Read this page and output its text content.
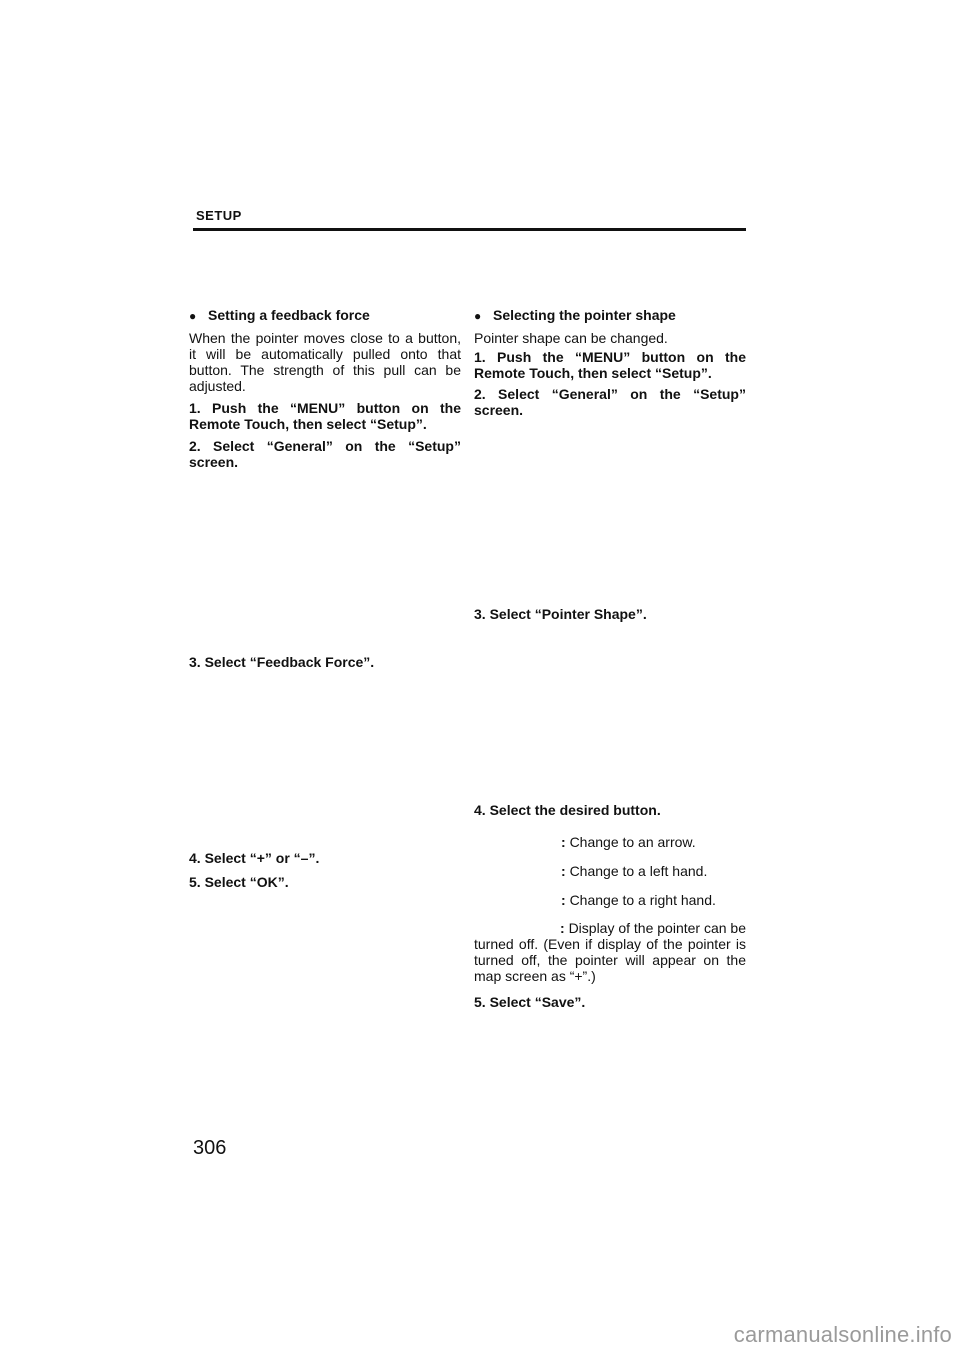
SETUP
● Setting a feedback force
When the pointer moves close to a button, it will be automatically pulled onto that button. The strength of this pull can be adjusted.
1. Push the “MENU” button on the Remote Touch, then select “Setup”.
2. Select “General” on the “Setup” screen.
3. Select “Feedback Force”.
4. Select “+” or “–”.
5. Select “OK”.
● Selecting the pointer shape
Pointer shape can be changed.
1. Push the “MENU” button on the Remote Touch, then select “Setup”.
2. Select “General” on the “Setup” screen.
3. Select “Pointer Shape”.
4. Select the desired button.
: Change to an arrow.
: Change to a left hand.
: Change to a right hand.
: Display of the pointer can be turned off. (Even if display of the pointer is turned off, the pointer will appear on the map screen as “+”.)
5. Select “Save”.
306
carmanualsonline.info
